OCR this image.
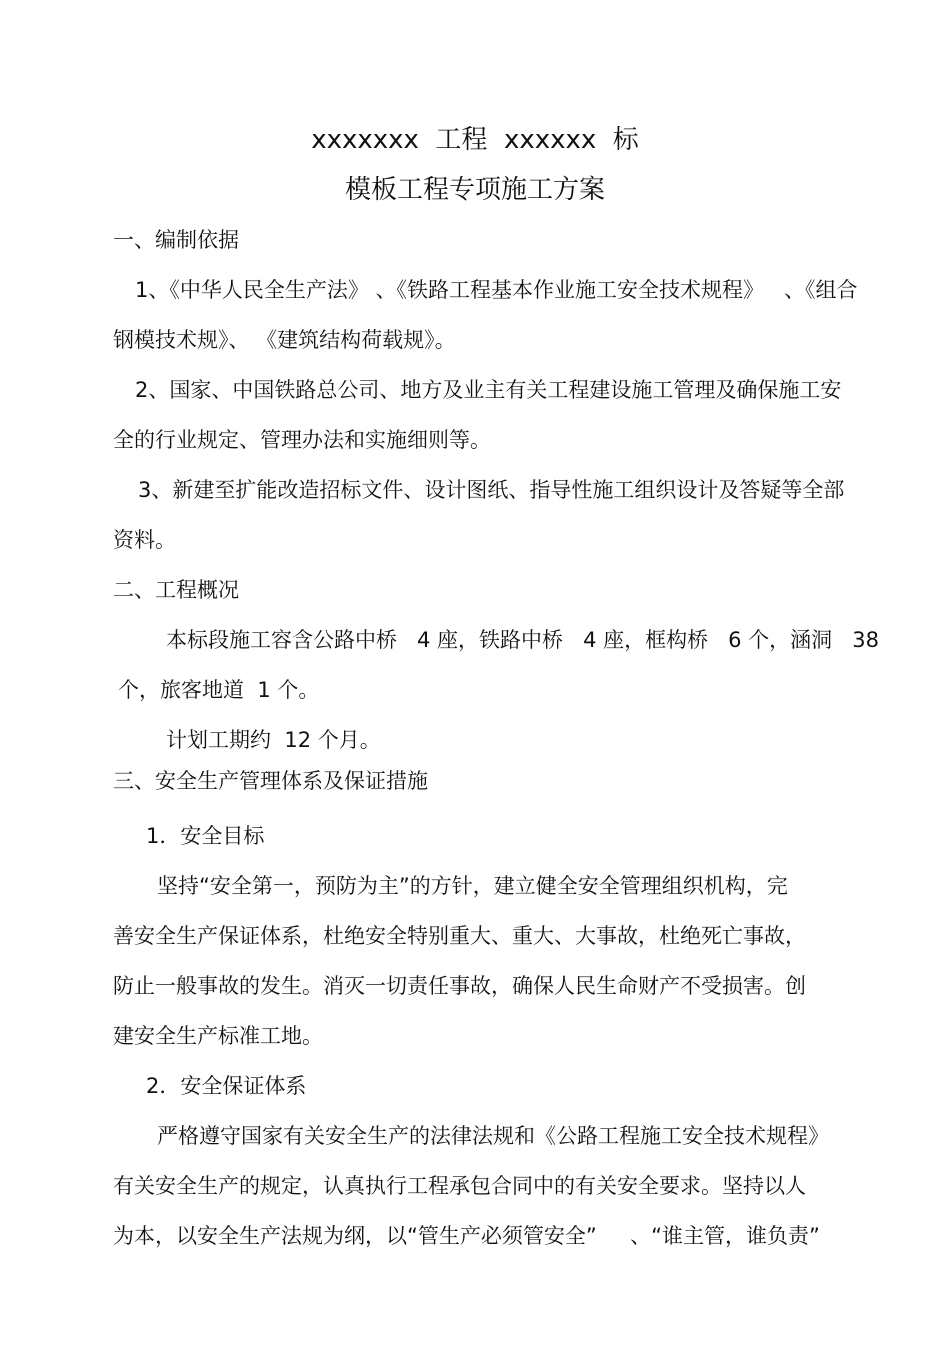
xxxxxxx  工程  xxxxxx  标

模板工程专项施工方案

一、编制依据

1、《中华人民全生产法》 、《铁路工程基本作业施工安全技术规程》   、《组合

钢模技术规》、 《建筑结构荷载规》。

2、国家、中国铁路总公司、地方及业主有关工程建设施工管理及确保施工安

全的行业规定、管理办法和实施细则等。

3、新建至扩能改造招标文件、设计图纸、指导性施工组织设计及答疑等全部

资料。

二、工程概况

本标段施工容含公路中桥   4 座，铁路中桥   4 座，框构桥   6 个，涵洞   38

个，旅客地道  1 个。

计划工期约  12 个月。

三、安全生产管理体系及保证措施

1．安全目标

坚持“安全第一，预防为主”的方针，建立健全安全管理组织机构，完

善安全生产保证体系，杜绝安全特别重大、重大、大事故，杜绝死亡事故，

防止一般事故的发生。消灭一切责任事故，确保人民生命财产不受损害。创

建安全生产标准工地。

2．安全保证体系

严格遵守国家有关安全生产的法律法规和《公路工程施工安全技术规程》

有关安全生产的规定，认真执行工程承包合同中的有关安全要求。坚持以人

为本，以安全生产法规为纲，以“管生产必须管安全”     、“谁主管，谁负责”
